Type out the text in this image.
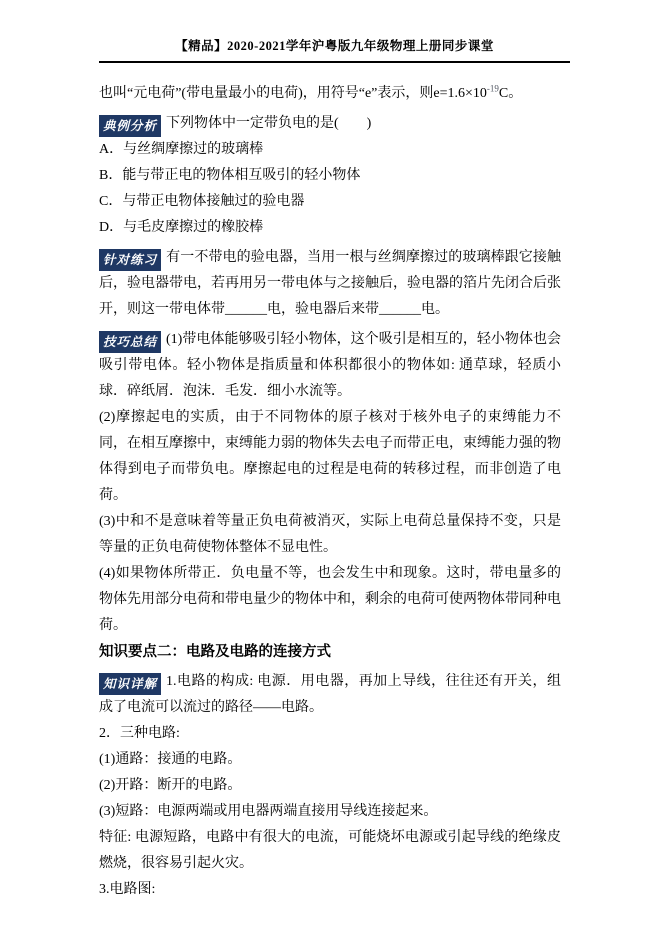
【精品】2020-2021学年沪粤版九年级物理上册同步课堂

也叫“元电荷”(带电量最小的电荷)，用符号“e”表示，则$e=1.6\times 10^{-19}C$。

典例分析 下列物体中一定带负电的是(　　)

A．与丝绸摩擦过的玻璃棒

B．能与带正电的物体相互吸引的轻小物体

C．与带正电物体接触过的验电器

D．与毛皮摩擦过的橡胶棒

针对练习 有一不带电的验电器，当用一根与丝绸摩擦过的玻璃棒跟它接触后，验电器带电，若再用另一带电体与之接触后，验电器的箔片先闭合后张开，则这一带电体带______电，验电器后来带______电。

技巧总结 (1)带电体能够吸引轻小物体，这个吸引是相互的，轻小物体也会吸引带电体。轻小物体是指质量和体积都很小的物体如: 通草球，轻质小球．碎纸屑．泡沫．毛发．细小水流等。

(2)摩擦起电的实质，由于不同物体的原子核对于核外电子的束缚能力不同，在相互摩擦中，束缚能力弱的物体失去电子而带正电，束缚能力强的物体得到电子而带负电。摩擦起电的过程是电荷的转移过程，而非创造了电荷。

(3)中和不是意味着等量正负电荷被消灭，实际上电荷总量保持不变，只是等量的正负电荷使物体整体不显电性。

(4)如果物体所带正．负电量不等，也会发生中和现象。这时，带电量多的物体先用部分电荷和带电量少的物体中和，剩余的电荷可使两物体带同种电荷。

知识要点二：电路及电路的连接方式

知识详解 1.电路的构成: 电源．用电器，再加上导线，往往还有开关，组成了电流可以流过的路径——电路。

2．三种电路:

(1)通路：接通的电路。

(2)开路：断开的电路。

(3)短路：电源两端或用电器两端直接用导线连接起来。

特征: 电源短路，电路中有很大的电流，可能烧坏电源或引起导线的绝缘皮燃烧，很容易引起火灾。

3.电路图:
